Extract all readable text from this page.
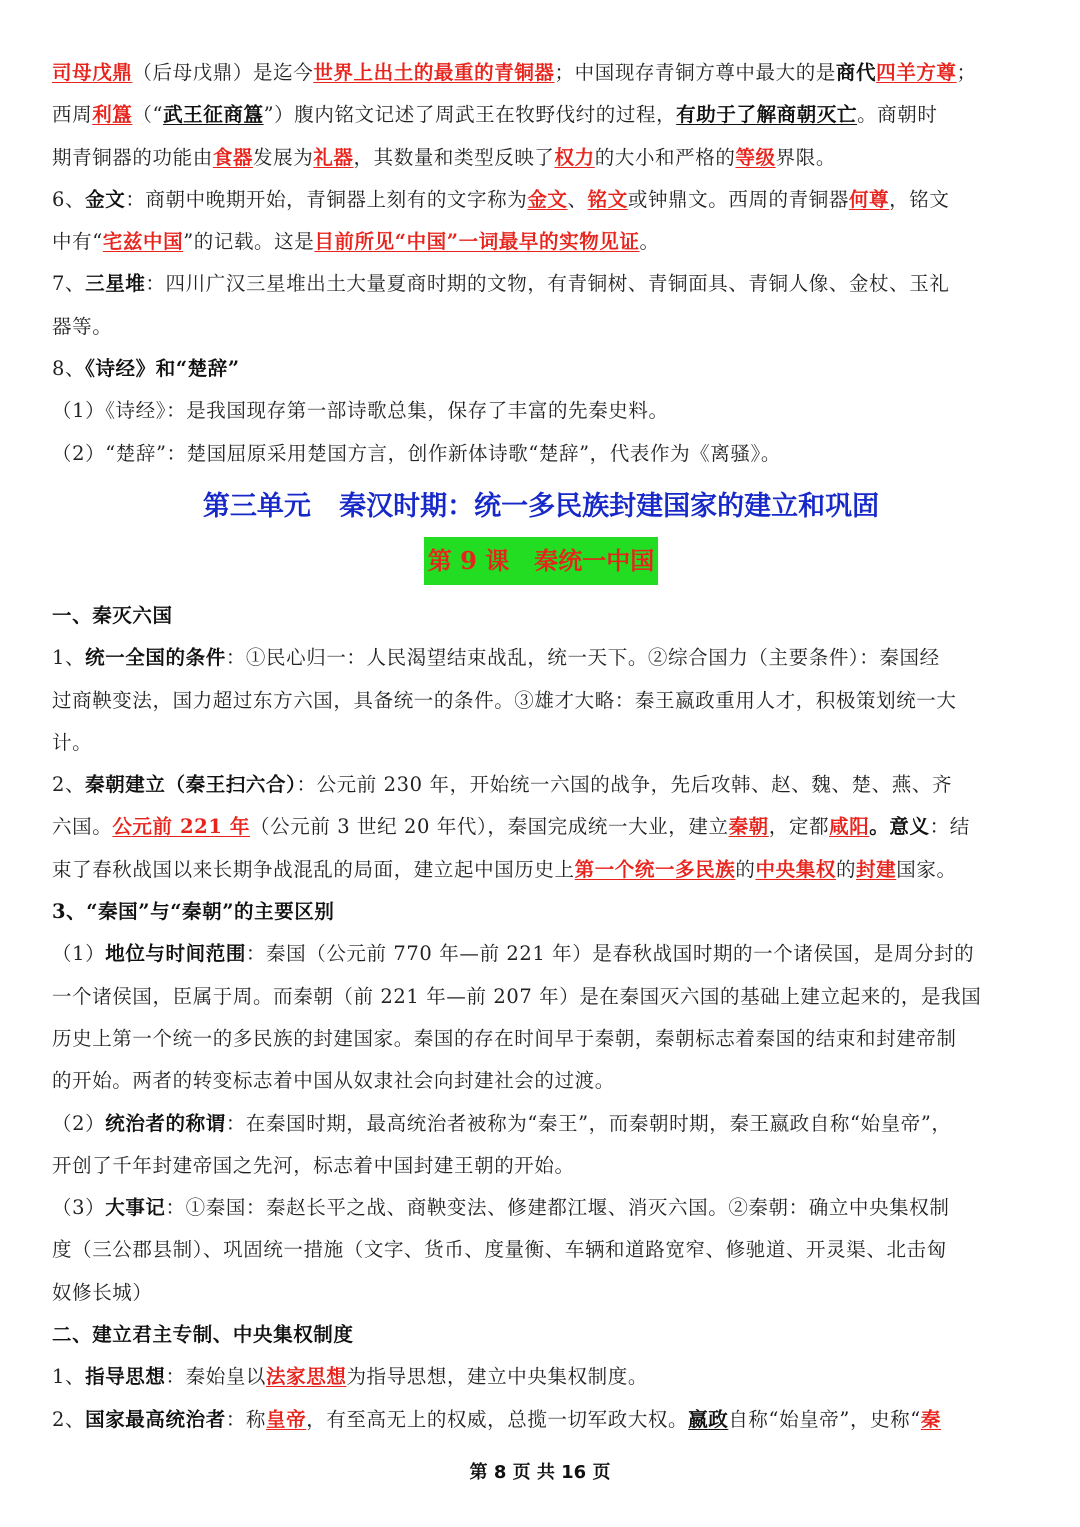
司母戊鼎（后母戊鼎）是迄今世界上出土的最重的青铜器；中国现存青铜方尊中最大的是商代四羊方尊；
西周利簋（“武王征商簋”）腹内铭文记述了周武王在牧野伐纣的过程，有助于了解商朝灭亡。商朝时
期青铜器的功能由食器发展为礼器，其数量和类型反映了权力的大小和严格的等级界限。
6、金文：商朝中晚期开始，青铜器上刻有的文字称为金文、铭文或钟鼎文。西周的青铜器何尊，铭文
中有“宅兹中国”的记载。这是目前所见“中国”一词最早的实物见证。
7、三星堆：四川广汉三星堆出土大量夏商时期的文物，有青铜树、青铜面具、青铜人像、金杖、玉礼
器等。
8、《诗经》和“楚辞”
（1）《诗经》：是我国现存第一部诗歌总集，保存了丰富的先秦史料。
（2）“楚辞”：楚国屈原采用楚国方言，创作新体诗歌“楚辞”，代表作为《离骚》。
第三单元   秦汉时期：统一多民族封建国家的建立和巩固
第 9 课   秦统一中国
一、秦灭六国
1、统一全国的条件：①民心归一：人民渴望结束战乱，统一天下。②综合国力（主要条件）：秦国经
过商鞅变法，国力超过东方六国，具备统一的条件。③雄才大略：秦王嬴政重用人才，积极策划统一大
计。
2、秦朝建立（秦王扫六合）：公元前 230 年，开始统一六国的战争，先后攻韩、赵、魏、楚、燕、齐
六国。公元前 221 年（公元前 3 世纪 20 年代），秦国完成统一大业，建立秦朝，定都咸阳。意义：结
束了春秋战国以来长期争战混乱的局面，建立起中国历史上第一个统一多民族的中央集权的封建国家。
3、“秦国”与“秦朝”的主要区别
（1）地位与时间范围：秦国（公元前 770 年—前 221 年）是春秋战国时期的一个诸侯国，是周分封的
一个诸侯国，臣属于周。而秦朝（前 221 年—前 207 年）是在秦国灭六国的基础上建立起来的，是我国
历史上第一个统一的多民族的封建国家。秦国的存在时间早于秦朝，秦朝标志着秦国的结束和封建帝制
的开始。两者的转变标志着中国从奴隶社会向封建社会的过渡。
（2）统治者的称谓：在秦国时期，最高统治者被称为“秦王”，而秦朝时期，秦王嬴政自称“始皇帝”，
开创了千年封建帝国之先河，标志着中国封建王朝的开始。
（3）大事记：①秦国：秦赵长平之战、商鞅变法、修建都江堰、消灭六国。②秦朝：确立中央集权制
度（三公郡县制）、巩固统一措施（文字、货币、度量衡、车辆和道路宽窄、修驰道、开灵渠、北击匈
奴修长城）
二、建立君主专制、中央集权制度
1、指导思想：秦始皇以法家思想为指导思想，建立中央集权制度。
2、国家最高统治者：称皇帝，有至高无上的权威，总揽一切军政大权。嬴政自称“始皇帝”，史称“秦
第 8 页 共 16 页
